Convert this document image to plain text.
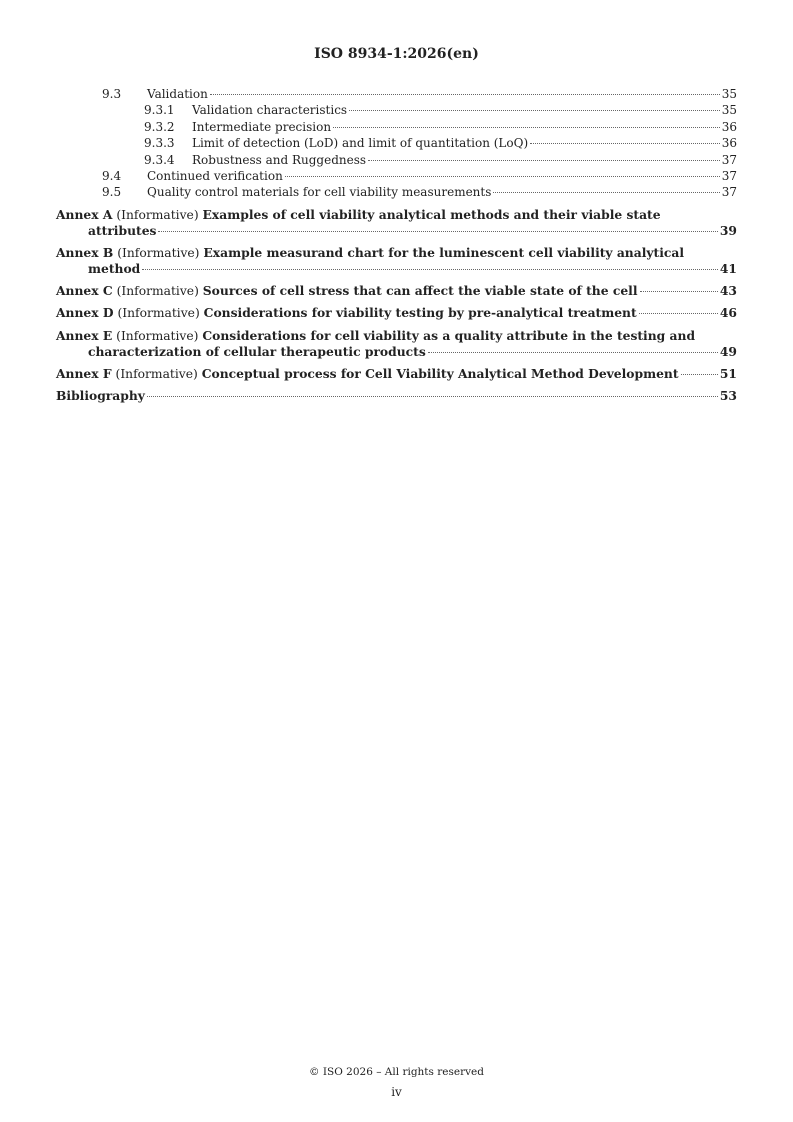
ISO 8934-1:2026(en)
9.3	Validation	35
9.3.1	Validation characteristics	35
9.3.2	Intermediate precision	36
9.3.3	Limit of detection (LoD) and limit of quantitation (LoQ)	36
9.3.4	Robustness and Ruggedness	37
9.4	Continued verification	37
9.5	Quality control materials for cell viability measurements	37
Annex A (Informative) Examples of cell viability analytical methods and their viable state
attributes	39
Annex B (Informative) Example measurand chart for the luminescent cell viability analytical
method	41
Annex C (Informative) Sources of cell stress that can affect the viable state of the cell	43
Annex D (Informative) Considerations for viability testing by pre-analytical treatment	46
Annex E (Informative) Considerations for cell viability as a quality attribute in the testing and
characterization of cellular therapeutic products	49
Annex F (Informative) Conceptual process for Cell Viability Analytical Method Development	51
Bibliography	53
© ISO 2026 – All rights reserved
iv
